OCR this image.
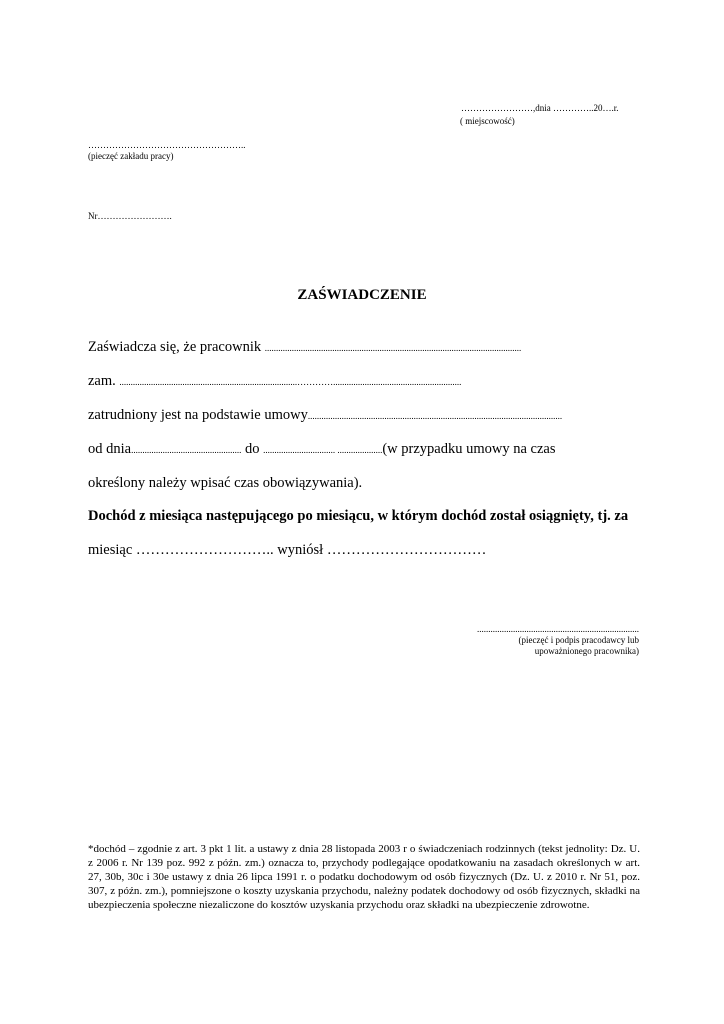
……………………,dnia …………..20….r.
( miejscowość)
……………………………………………..
(pieczęć zakładu pracy)
Nr…………………….
ZAŚWIADCZENIE
Zaświadcza się, że pracownik ..................................................................................................................
zam. ...............................................................................………….........................................................
zatrudniony jest na podstawie umowy.................................................................................................................
od dnia................................................. do ................................ ....................(w przypadku umowy na czas
określony należy wpisać czas obowiązywania).
Dochód z miesiąca następującego po miesiącu, w którym dochód został osiągnięty, tj. za
miesiąc ……………………….. wyniósł ……………………………
........................................................................
(pieczęć i podpis pracodawcy lub
upoważnionego pracownika)
*dochód – zgodnie z art. 3 pkt 1 lit. a ustawy z dnia 28 listopada 2003 r o świadczeniach rodzinnych (tekst jednolity: Dz. U. z 2006 r. Nr 139 poz. 992 z późn. zm.) oznacza to, przychody podlegające opodatkowaniu na zasadach określonych w art. 27, 30b, 30c i 30e ustawy z dnia 26 lipca 1991 r. o podatku dochodowym od osób fizycznych (Dz. U. z 2010 r. Nr 51, poz. 307, z późn. zm.), pomniejszone o koszty uzyskania przychodu, należny podatek dochodowy od osób fizycznych, składki na ubezpieczenia społeczne niezaliczone do kosztów uzyskania przychodu oraz składki na ubezpieczenie zdrowotne.
